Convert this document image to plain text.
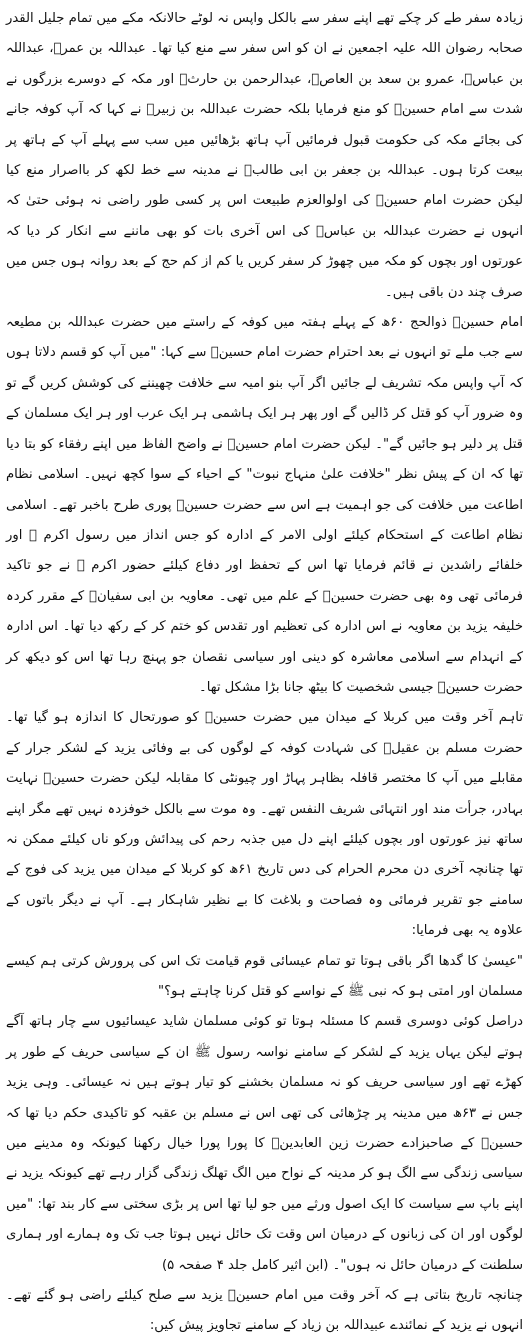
زیادہ سفر طے کر چکے تھے اپنے سفر سے بالکل واپس نہ لوٹے حالانکہ مکے میں تمام جلیل القدر صحابہ رضوان اللہ علیہ اجمعین نے ان کو اس سفر سے منع کیا تھا۔ عبداللہ بن عمرؓ، عبداللہ بن عباسؓ، عمرو بن سعد بن العاصؓ، عبدالرحمن بن حارثؓ اور مکہ کے دوسرے بزرگوں نے شدت سے امام حسینؓ کو منع فرمایا بلکہ حضرت عبداللہ بن زبیرؓ نے کہا کہ آپ کوفہ جانے کی بجائے مکہ کی حکومت قبول فرمائیں آپ ہاتھ بڑھائیں میں سب سے پہلے آپ کے ہاتھ پر بیعت کرتا ہوں۔ عبداللہ بن جعفر بن ابی طالبؓ نے مدینہ سے خط لکھ کر بااصرار منع کیا لیکن حضرت امام حسینؓ کی اولوالعزم طبیعت اس پر کسی طور راضی نہ ہوئی حتیٰ کہ انہوں نے حضرت عبداللہ بن عباسؓ کی اس آخری بات کو بھی ماننے سے انکار کر دیا کہ عورتوں اور بچوں کو مکہ میں چھوڑ کر سفر کریں یا کم از کم حج کے بعد روانہ ہوں جس میں صرف چند دن باقی ہیں۔

امام حسینؓ ذوالحج ۶۰ھ کے پہلے ہفتہ میں کوفہ کے راستے میں حضرت عبداللہ بن مطیعہ سے جب ملے تو انہوں نے بعد احترام حضرت امام حسینؓ سے کہا: "میں آپ کو قسم دلاتا ہوں کہ آپ واپس مکہ تشریف لے جائیں اگر آپ بنو امیہ سے خلافت چھیننے کی کوشش کریں گے تو وہ ضرور آپ کو قتل کر ڈالیں گے اور پھر ہر ایک ہاشمی ہر ایک عرب اور ہر ایک مسلمان کے قتل پر دلیر ہو جائیں گے"۔ لیکن حضرت امام حسینؓ نے واضح الفاظ میں اپنے رفقاء کو بتا دیا تھا کہ ان کے پیش نظر "خلافت علیٰ منہاج نبوت" کے احیاء کے سوا کچھ نہیں۔ اسلامی نظام اطاعت میں خلافت کی جو اہمیت ہے اس سے حضرت حسینؓ پوری طرح باخبر تھے۔ اسلامی نظام اطاعت کے استحکام کیلئے اولی الامر کے ادارہ کو جس انداز میں رسول اکرم ﷺ اور خلفائے راشدین نے قائم فرمایا تھا اس کے تحفظ اور دفاع کیلئے حضور اکرم ﷺ نے جو تاکید فرمائی تھی وہ بھی حضرت حسینؓ کے علم میں تھی۔ معاویہ بن ابی سفیانؓ کے مقرر کردہ خلیفہ یزید بن معاویہ نے اس ادارہ کی تعظیم اور تقدس کو ختم کر کے رکھ دیا تھا۔ اس ادارہ کے انہدام سے اسلامی معاشرہ کو دینی اور سیاسی نقصان جو پہنچ رہا تھا اس کو دیکھ کر حضرت حسینؓ جیسی شخصیت کا بیٹھ جانا بڑا مشکل تھا۔

تاہم آخر وقت میں کربلا کے میدان میں حضرت حسینؓ کو صورتحال کا اندازہ ہو گیا تھا۔ حضرت مسلم بن عقیلؓ کی شہادت کوفہ کے لوگوں کی بے وفائی یزید کے لشکر جرار کے مقابلے میں آپ کا مختصر قافلہ بظاہر پہاڑ اور چیونٹی کا مقابلہ لیکن حضرت حسینؓ نہایت بہادر، جرأت مند اور انتہائی شریف النفس تھے۔ وہ موت سے بالکل خوفزدہ نہیں تھے مگر اپنے ساتھ نیز عورتوں اور بچوں کیلئے اپنے دل میں جذبہ رحم کی پیدائش ورکو ناں کیلئے ممکن نہ تھا چنانچہ آخری دن محرم الحرام کی دس تاریخ ۶۱ھ کو کربلا کے میدان میں یزید کی فوج کے سامنے جو تقریر فرمائی وہ فصاحت و بلاغت کا بے نظیر شاہکار ہے۔ آپ نے دیگر باتوں کے علاوہ یہ بھی فرمایا:

"عیسیٰ کا گدھا اگر باقی ہوتا تو تمام عیسائی قوم قیامت تک اس کی پرورش کرتی ہم کیسے مسلمان اور امتی ہو کہ نبی ﷺ کے نواسے کو قتل کرنا چاہتے ہو؟"

دراصل کوئی دوسری قسم کا مسئلہ ہوتا تو کوئی مسلمان شاید عیسائیوں سے چار ہاتھ آگے ہوتے لیکن یہاں یزید کے لشکر کے سامنے نواسہ رسول ﷺ ان کے سیاسی حریف کے طور پر کھڑے تھے اور سیاسی حریف کو نہ مسلمان بخشنے کو تیار ہوتے ہیں نہ عیسائی۔ وہی یزید جس نے ۶۳ھ میں مدینہ پر چڑھائی کی تھی اس نے مسلم بن عقبہ کو تاکیدی حکم دیا تھا کہ حسینؓ کے صاحبزادے حضرت زین العابدینؓ کا پورا پورا خیال رکھنا کیونکہ وہ مدینے میں سیاسی زندگی سے الگ ہو کر مدینہ کے نواح میں الگ تھلگ زندگی گزار رہے تھے کیونکہ یزید نے اپنے باپ سے سیاست کا ایک اصول ورثے میں جو لیا تھا اس پر بڑی سختی سے کار بند تھا: "میں لوگوں اور ان کی زبانوں کے درمیان اس وقت تک حائل نہیں ہوتا جب تک وہ ہمارے اور ہماری سلطنت کے درمیان حائل نہ ہوں"۔ (ابن اثیر کامل جلد ۴ صفحہ ۵)

چنانچہ تاریخ بتاتی ہے کہ آخر وقت میں امام حسینؓ یزید سے صلح کیلئے راضی ہو گئے تھے۔ انہوں نے یزید کے نمائندے عبیداللہ بن زیاد کے سامنے تجاویز پیش کیں:
